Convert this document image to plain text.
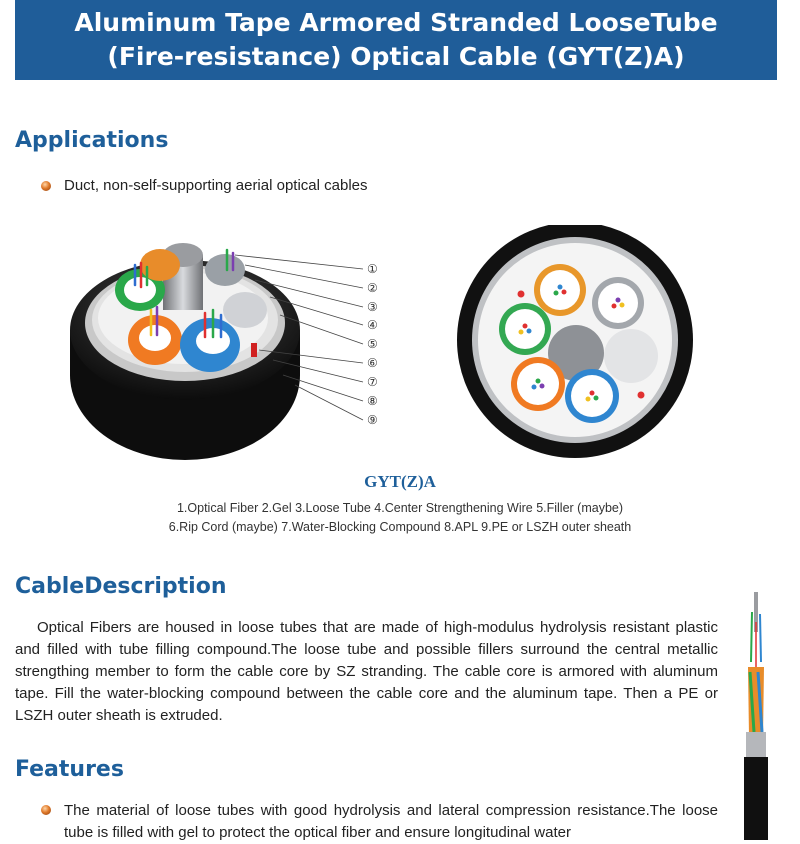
Aluminum Tape Armored Stranded LooseTube
(Fire-resistance) Optical Cable (GYT(Z)A)
Applications
Duct, non-self-supporting aerial optical cables
①
②
③
④
⑤
⑥
⑦
⑧
⑨
GYT(Z)A
1.Optical Fiber 2.Gel 3.Loose Tube 4.Center Strengthening Wire 5.Filler (maybe)
6.Rip Cord (maybe) 7.Water-Blocking Compound 8.APL 9.PE or LSZH outer sheath
CableDescription

Optical Fibers are housed in loose tubes that are made of high-modulus hydrolysis resistant plastic and filled with tube filling compound.The loose tube and possible fillers surround the central metallic strengthing member to form the cable core by SZ stranding. The cable core is armored with aluminum tape. Fill the water-blocking compound between the cable core and the aluminum tape. Then a PE or LSZH outer sheath is extruded.

Features

The material of loose tubes with good hydrolysis and lateral compression resistance.The loose tube is filled with gel to protect the optical fiber and ensure longitudinal water
